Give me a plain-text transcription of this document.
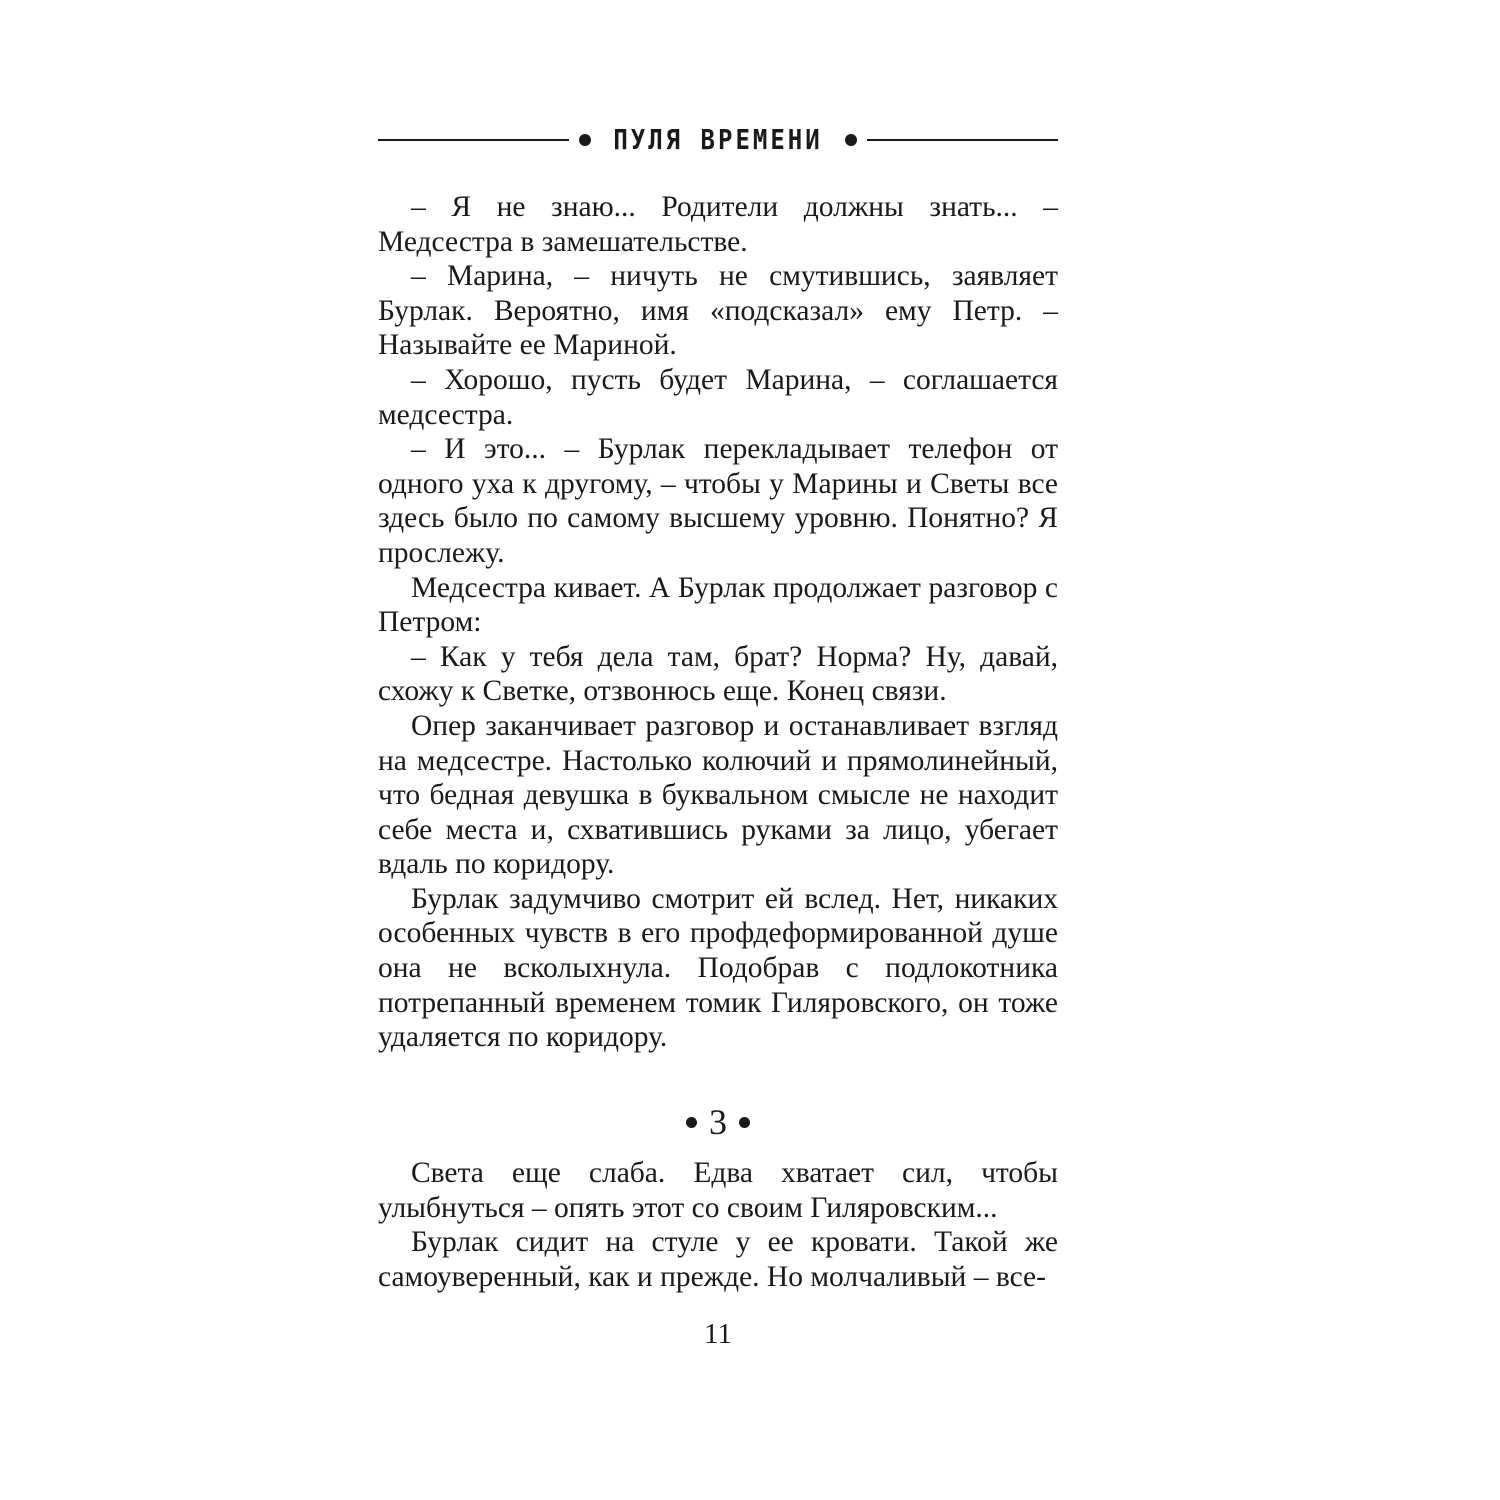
ПУЛЯ ВРЕМЕНИ

– Я не знаю... Родители должны знать... – Медсестра в замешательстве.

– Марина, – ничуть не смутившись, заявляет Бурлак. Вероятно, имя «подсказал» ему Петр. – Называйте ее Мариной.

– Хорошо, пусть будет Марина, – соглашается медсестра.

– И это... – Бурлак перекладывает телефон от одного уха к другому, – чтобы у Марины и Светы все здесь было по самому высшему уровню. Понятно? Я прослежу.

Медсестра кивает. А Бурлак продолжает разговор с Петром:

– Как у тебя дела там, брат? Норма? Ну, давай, схожу к Светке, отзвонюсь еще. Конец связи.

Опер заканчивает разговор и останавливает взгляд на медсестре. Настолько колючий и прямолинейный, что бедная девушка в буквальном смысле не находит себе места и, схватившись руками за лицо, убегает вдаль по коридору.

Бурлак задумчиво смотрит ей вслед. Нет, никаких особенных чувств в его профдеформированной душе она не всколыхнула. Подобрав с подлокотника потрепанный временем томик Гиляровского, он тоже удаляется по коридору.

3

Света еще слаба. Едва хватает сил, чтобы улыбнуться – опять этот со своим Гиляровским...

Бурлак сидит на стуле у ее кровати. Такой же самоуверенный, как и прежде. Но молчаливый – все-

11
